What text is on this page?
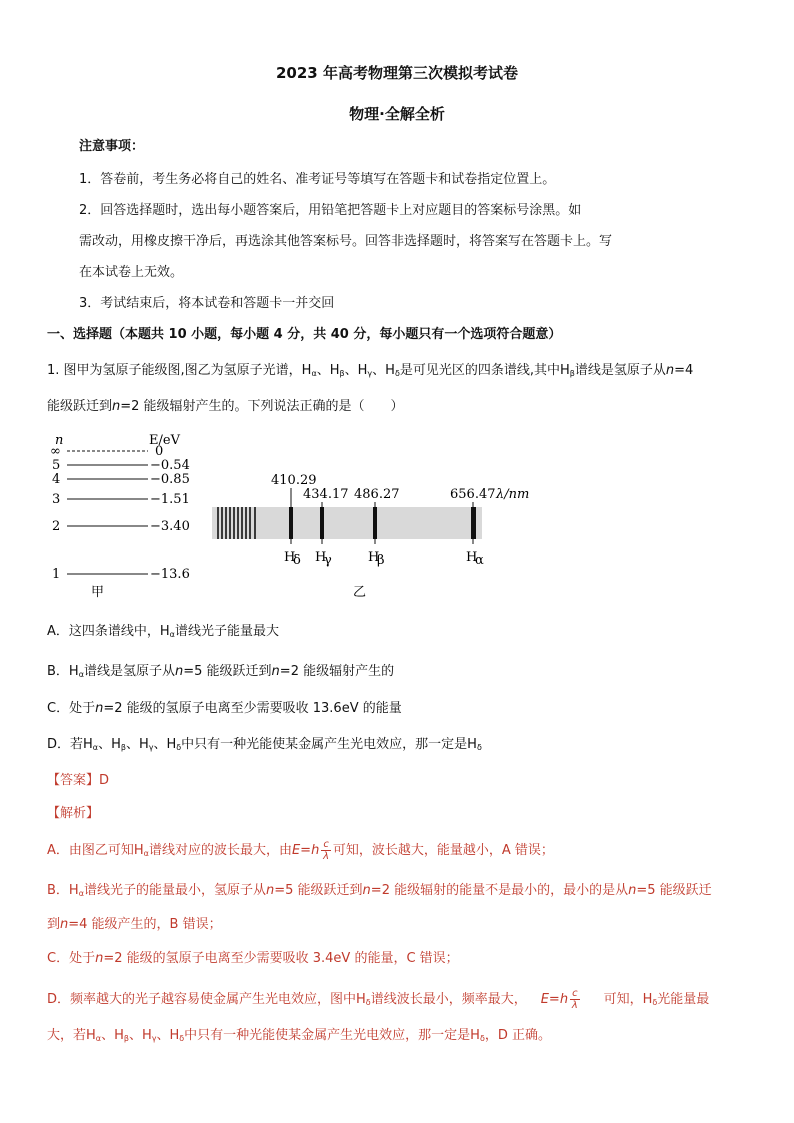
2023 年高考物理第三次模拟考试卷
物理·全解全析
注意事项：
1．答卷前，考生务必将自己的姓名、准考证号等填写在答题卡和试卷指定位置上。
2．回答选择题时，选出每小题答案后，用铅笔把答题卡上对应题目的答案标号涂黑。如
需改动，用橡皮擦干净后，再选涂其他答案标号。回答非选择题时，将答案写在答题卡上。写
在本试卷上无效。
3．考试结束后，将本试卷和答题卡一并交回
一、选择题（本题共 10 小题，每小题 4 分，共 40 分，每小题只有一个选项符合题意）
1. 图甲为氢原子能级图,图乙为氢原子光谱，$H_\alpha$、$H_\beta$、$H_\gamma$、$H_\delta$是可见光区的四条谱线,其中$H_\beta$谱线是氢原子从n=4
能级跃迁到n=2 能级辐射产生的。下列说法正确的是（　　）
n	E/eV
∞	0
5	−0.54
4	−0.85
3	−1.51
2	−3.40
1	−13.6
甲
410.29
434.17 486.27	656.47 λ/nm
H
δ H
γ	H
β	H
α
乙
A．这四条谱线中，$H_\alpha$谱线光子能量最大
B．$H_\alpha$谱线是氢原子从n=5 能级跃迁到n=2 能级辐射产生的
C．处于n=2 能级的氢原子电离至少需要吸收 13.6eV 的能量
D．若$H_\alpha$、$H_\beta$、$H_\gamma$、$H_\delta$中只有一种光能使某金属产生光电效应，那一定是$H_\delta$
【答案】D
【解析】
A．由图乙可知$H_\alpha$谱线对应的波长最大，由$E=h \frac{c}{\lambda}$ 可知，波长越大，能量越小，A 错误；
B．$H_\alpha$谱线光子的能量最小，氢原子从n=5 能级跃迁到n=2 能级辐射的能量不是最小的，最小的是从n=5 能级跃迁
到n=4 能级产生的，B 错误；
C．处于n=2 能级的氢原子电离至少需要吸收 3.4eV 的能量，C 错误；
D．频率越大的光子越容易使金属产生光电效应，图中$H_\delta$谱线波长最小，频率最大， $E=h \frac{c}{\lambda}$ 可知，$H_\delta$光能量最
大，若$H_\alpha$、$H_\beta$、$H_\gamma$、$H_\delta$中只有一种光能使某金属产生光电效应，那一定是$H_\delta$，D 正确。
